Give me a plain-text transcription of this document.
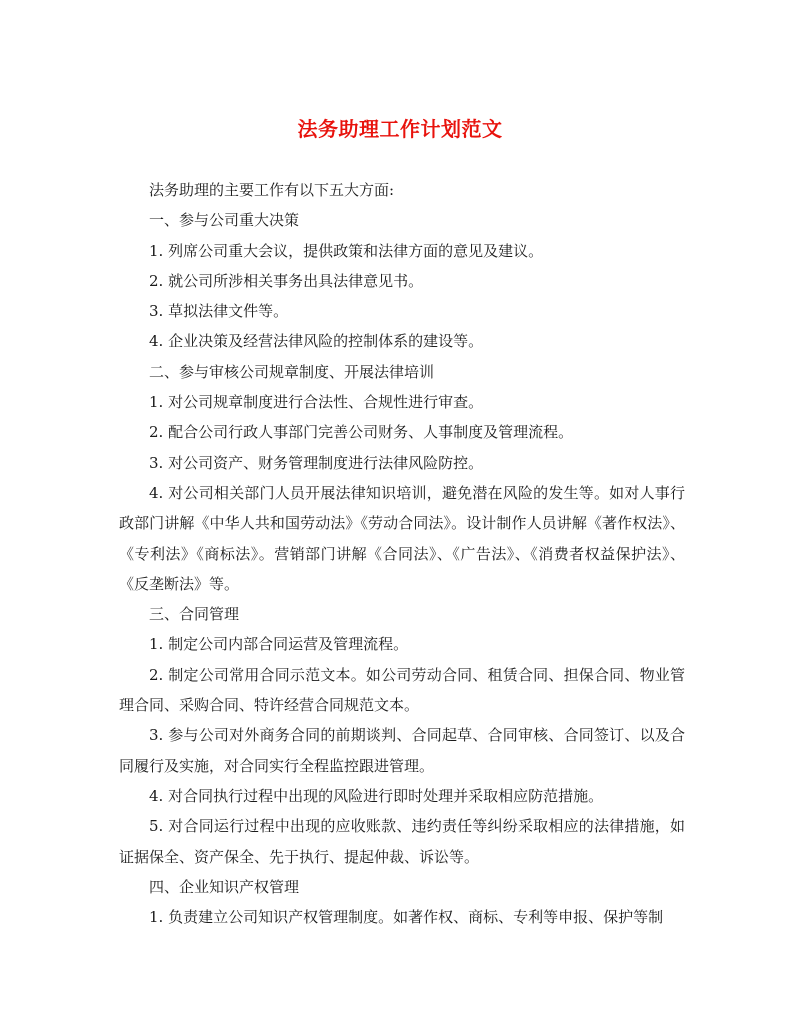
法务助理工作计划范文

法务助理的主要工作有以下五大方面:

一、参与公司重大决策

1. 列席公司重大会议，提供政策和法律方面的意见及建议。

2. 就公司所涉相关事务出具法律意见书。

3. 草拟法律文件等。

4. 企业决策及经营法律风险的控制体系的建设等。

二、参与审核公司规章制度、开展法律培训

1. 对公司规章制度进行合法性、合规性进行审查。

2. 配合公司行政人事部门完善公司财务、人事制度及管理流程。

3. 对公司资产、财务管理制度进行法律风险防控。

4. 对公司相关部门人员开展法律知识培训，避免潜在风险的发生等。如对人事行政部门讲解《中华人共和国劳动法》《劳动合同法》。设计制作人员讲解《著作权法》、《专利法》《商标法》。营销部门讲解《合同法》、《广告法》、《消费者权益保护法》、《反垄断法》等。

三、合同管理

1. 制定公司内部合同运营及管理流程。

2. 制定公司常用合同示范文本。如公司劳动合同、租赁合同、担保合同、物业管理合同、采购合同、特许经营合同规范文本。

3. 参与公司对外商务合同的前期谈判、合同起草、合同审核、合同签订、以及合同履行及实施，对合同实行全程监控跟进管理。

4. 对合同执行过程中出现的风险进行即时处理并采取相应防范措施。

5. 对合同运行过程中出现的应收账款、违约责任等纠纷采取相应的法律措施，如证据保全、资产保全、先于执行、提起仲裁、诉讼等。

四、企业知识产权管理

1. 负责建立公司知识产权管理制度。如著作权、商标、专利等申报、保护等制
